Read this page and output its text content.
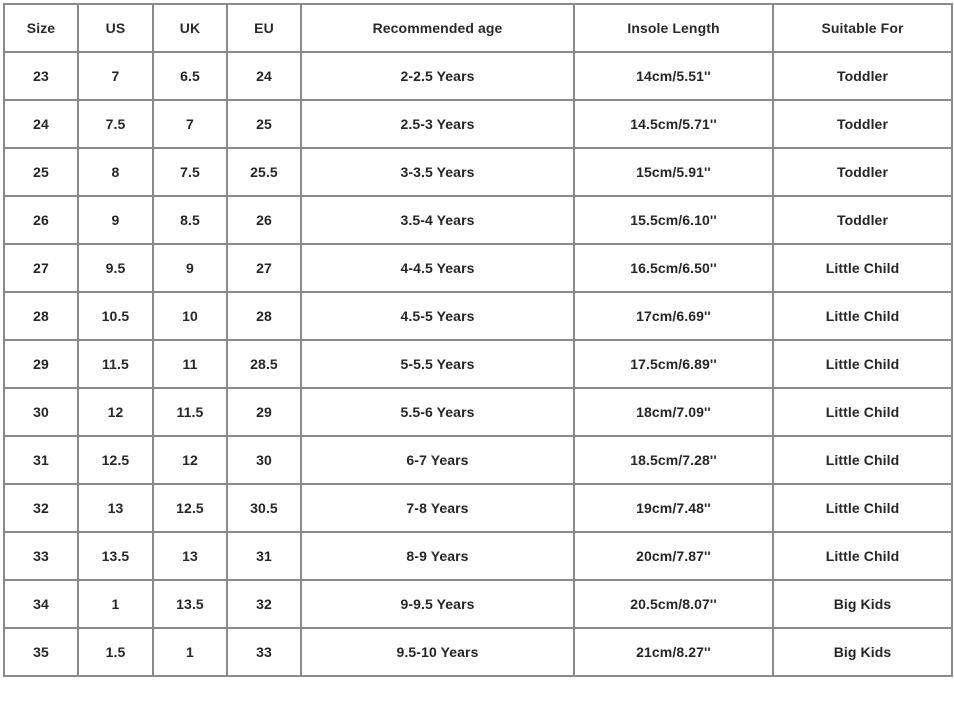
Size	US	UK	EU	Recommended age	Insole Length	Suitable For
23	7	6.5	24	2-2.5 Years	14cm/5.51''	Toddler
24	7.5	7	25	2.5-3 Years	14.5cm/5.71''	Toddler
25	8	7.5	25.5	3-3.5 Years	15cm/5.91''	Toddler
26	9	8.5	26	3.5-4 Years	15.5cm/6.10''	Toddler
27	9.5	9	27	4-4.5 Years	16.5cm/6.50''	Little Child
28	10.5	10	28	4.5-5 Years	17cm/6.69''	Little Child
29	11.5	11	28.5	5-5.5 Years	17.5cm/6.89''	Little Child
30	12	11.5	29	5.5-6 Years	18cm/7.09''	Little Child
31	12.5	12	30	6-7 Years	18.5cm/7.28''	Little Child
32	13	12.5	30.5	7-8 Years	19cm/7.48''	Little Child
33	13.5	13	31	8-9 Years	20cm/7.87''	Little Child
34	1	13.5	32	9-9.5 Years	20.5cm/8.07''	Big Kids
35	1.5	1	33	9.5-10 Years	21cm/8.27''	Big Kids
